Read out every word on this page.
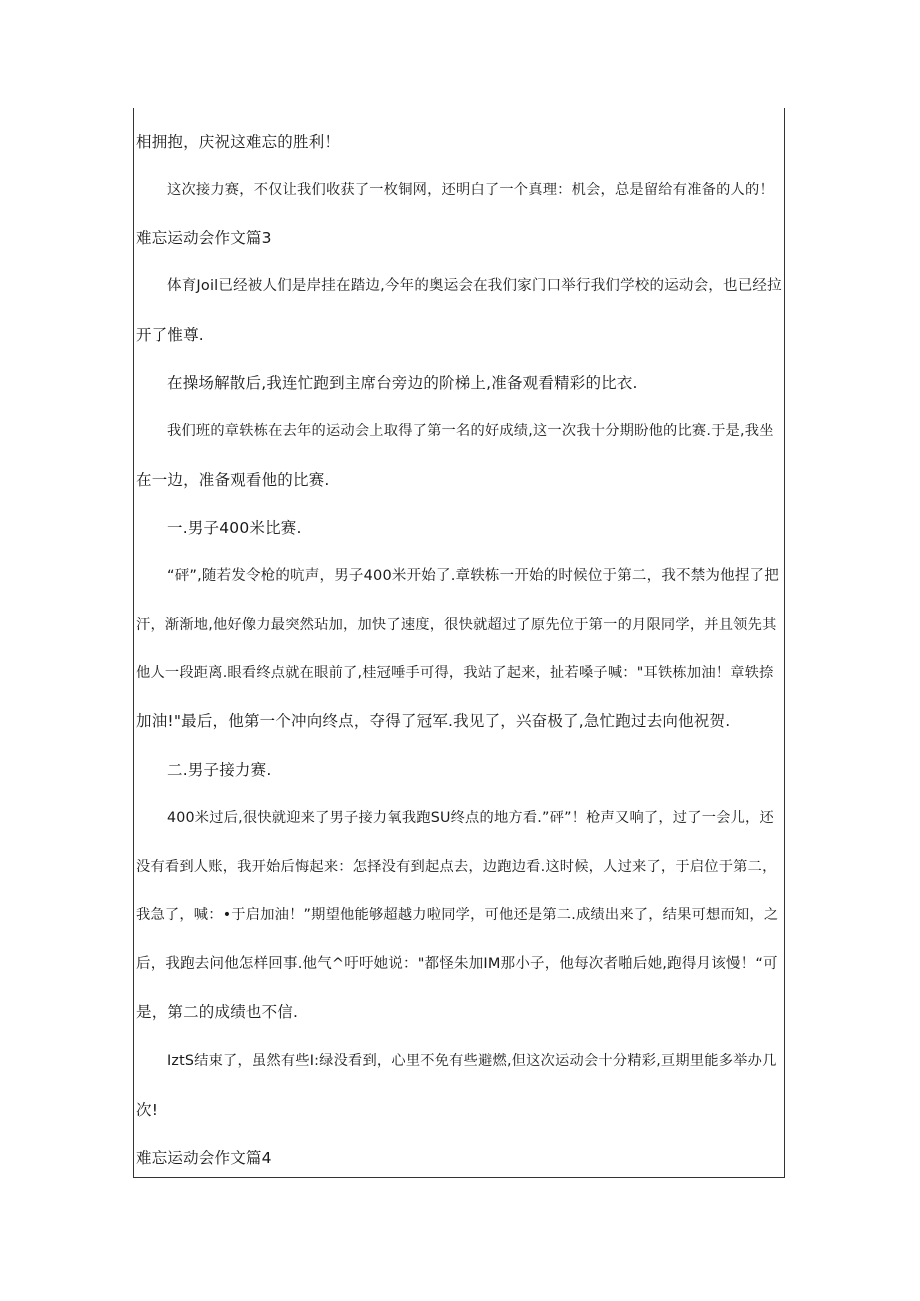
相拥抱，庆祝这难忘的胜利！
这次接力赛，不仅让我们收获了一枚铜网，还明白了一个真理：机会，总是留给有准备的人的！
难忘运动会作文篇3
体育Joil已经被人们是岸挂在踏边,今年的奥运会在我们家门口举行我们学校的运动会，也已经拉
开了惟尊.
在操场解散后,我连忙跑到主席台旁边的阶梯上,准备观看精彩的比衣.
我们班的章轶栋在去年的运动会上取得了第一名的好成绩,这一次我十分期盼他的比赛.于是,我坐
在一边，准备观看他的比赛.
一.男子400米比赛.
“砰”,随若发令枪的吭声，男子400米开始了.章轶栋一开始的时候位于第二，我不禁为他捏了把
汗，渐渐地,他好像力最突然玷加，加快了速度，很快就超过了原先位于第一的月限同学，并且领先其
他人一段距离.眼看终点就在眼前了,桂冠唾手可得，我站了起来，扯若嗓子喊："耳铁栋加油！章轶捺
加油!"最后，他第一个冲向终点，夺得了冠军.我见了，兴奋极了,急忙跑过去向他祝贺.
二.男子接力赛.
400米过后,很快就迎来了男子接力氧我跑SU终点的地方看.”砰”！枪声又响了，过了一会儿，还
没有看到人账，我开始后悔起来：怎择没有到起点去，边跑边看.这时候，人过来了，于启位于第二，
我急了，喊：•于启加油！”期望他能够超越力啦同学，可他还是第二.成绩出来了，结果可想而知，之
后，我跑去问他怎样回事.他气^吁吁她说："都怪朱加IM那小子，他每次者啪后她,跑得月该慢！“可
是，第二的成绩也不信.
IztS结束了，虽然有些I:绿没看到，心里不免有些避燃,但这次运动会十分精彩,亘期里能多举办几
次!
难忘运动会作文篇4
